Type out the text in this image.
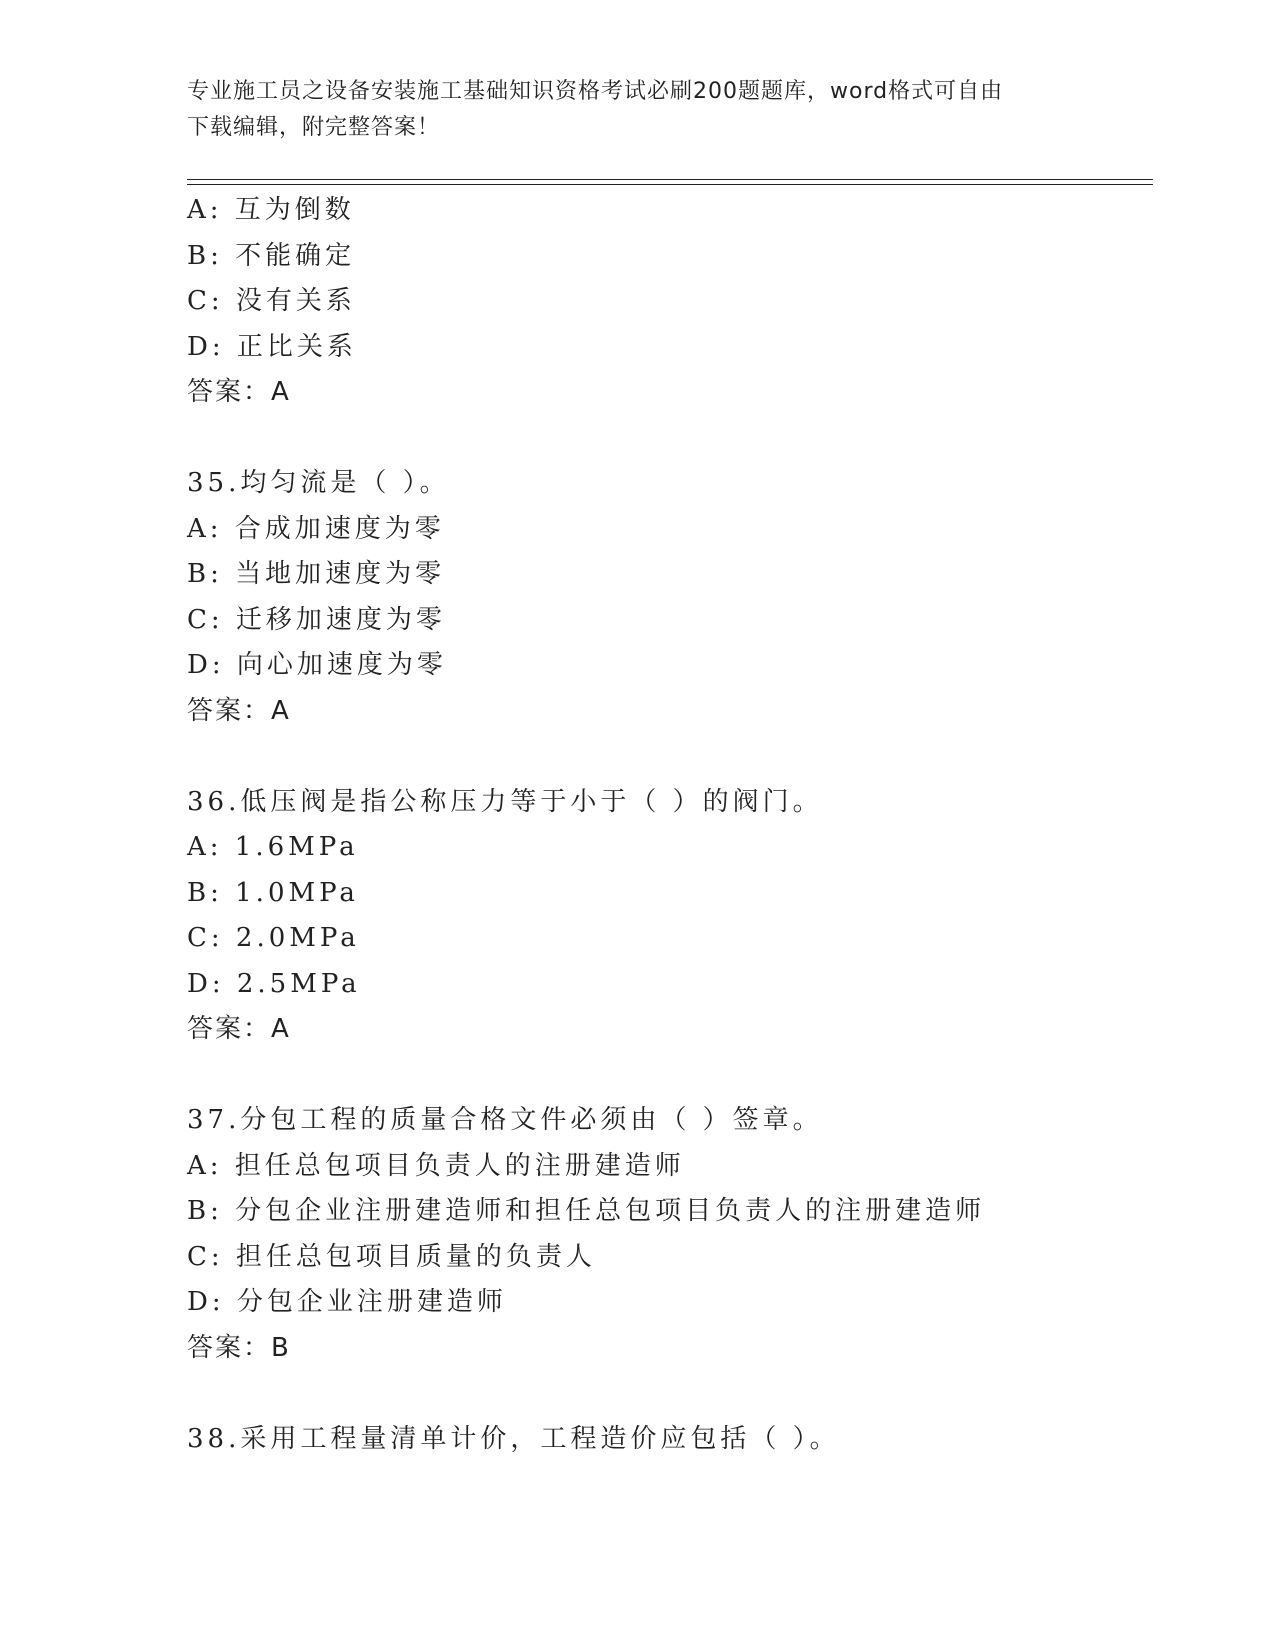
专业施工员之设备安装施工基础知识资格考试必刷200题题库，word格式可自由
下载编辑，附完整答案！
A: 互为倒数
B: 不能确定
C: 没有关系
D: 正比关系
答案：A
35.均匀流是（ ）。
A: 合成加速度为零
B: 当地加速度为零
C: 迁移加速度为零
D: 向心加速度为零
答案：A
36.低压阀是指公称压力等于小于（ ）的阀门。
A: 1.6MPa
B: 1.0MPa
C: 2.0MPa
D: 2.5MPa
答案：A
37.分包工程的质量合格文件必须由（ ）签章。
A: 担任总包项目负责人的注册建造师
B: 分包企业注册建造师和担任总包项目负责人的注册建造师
C: 担任总包项目质量的负责人
D: 分包企业注册建造师
答案：B
38.采用工程量清单计价，工程造价应包括（ ）。
